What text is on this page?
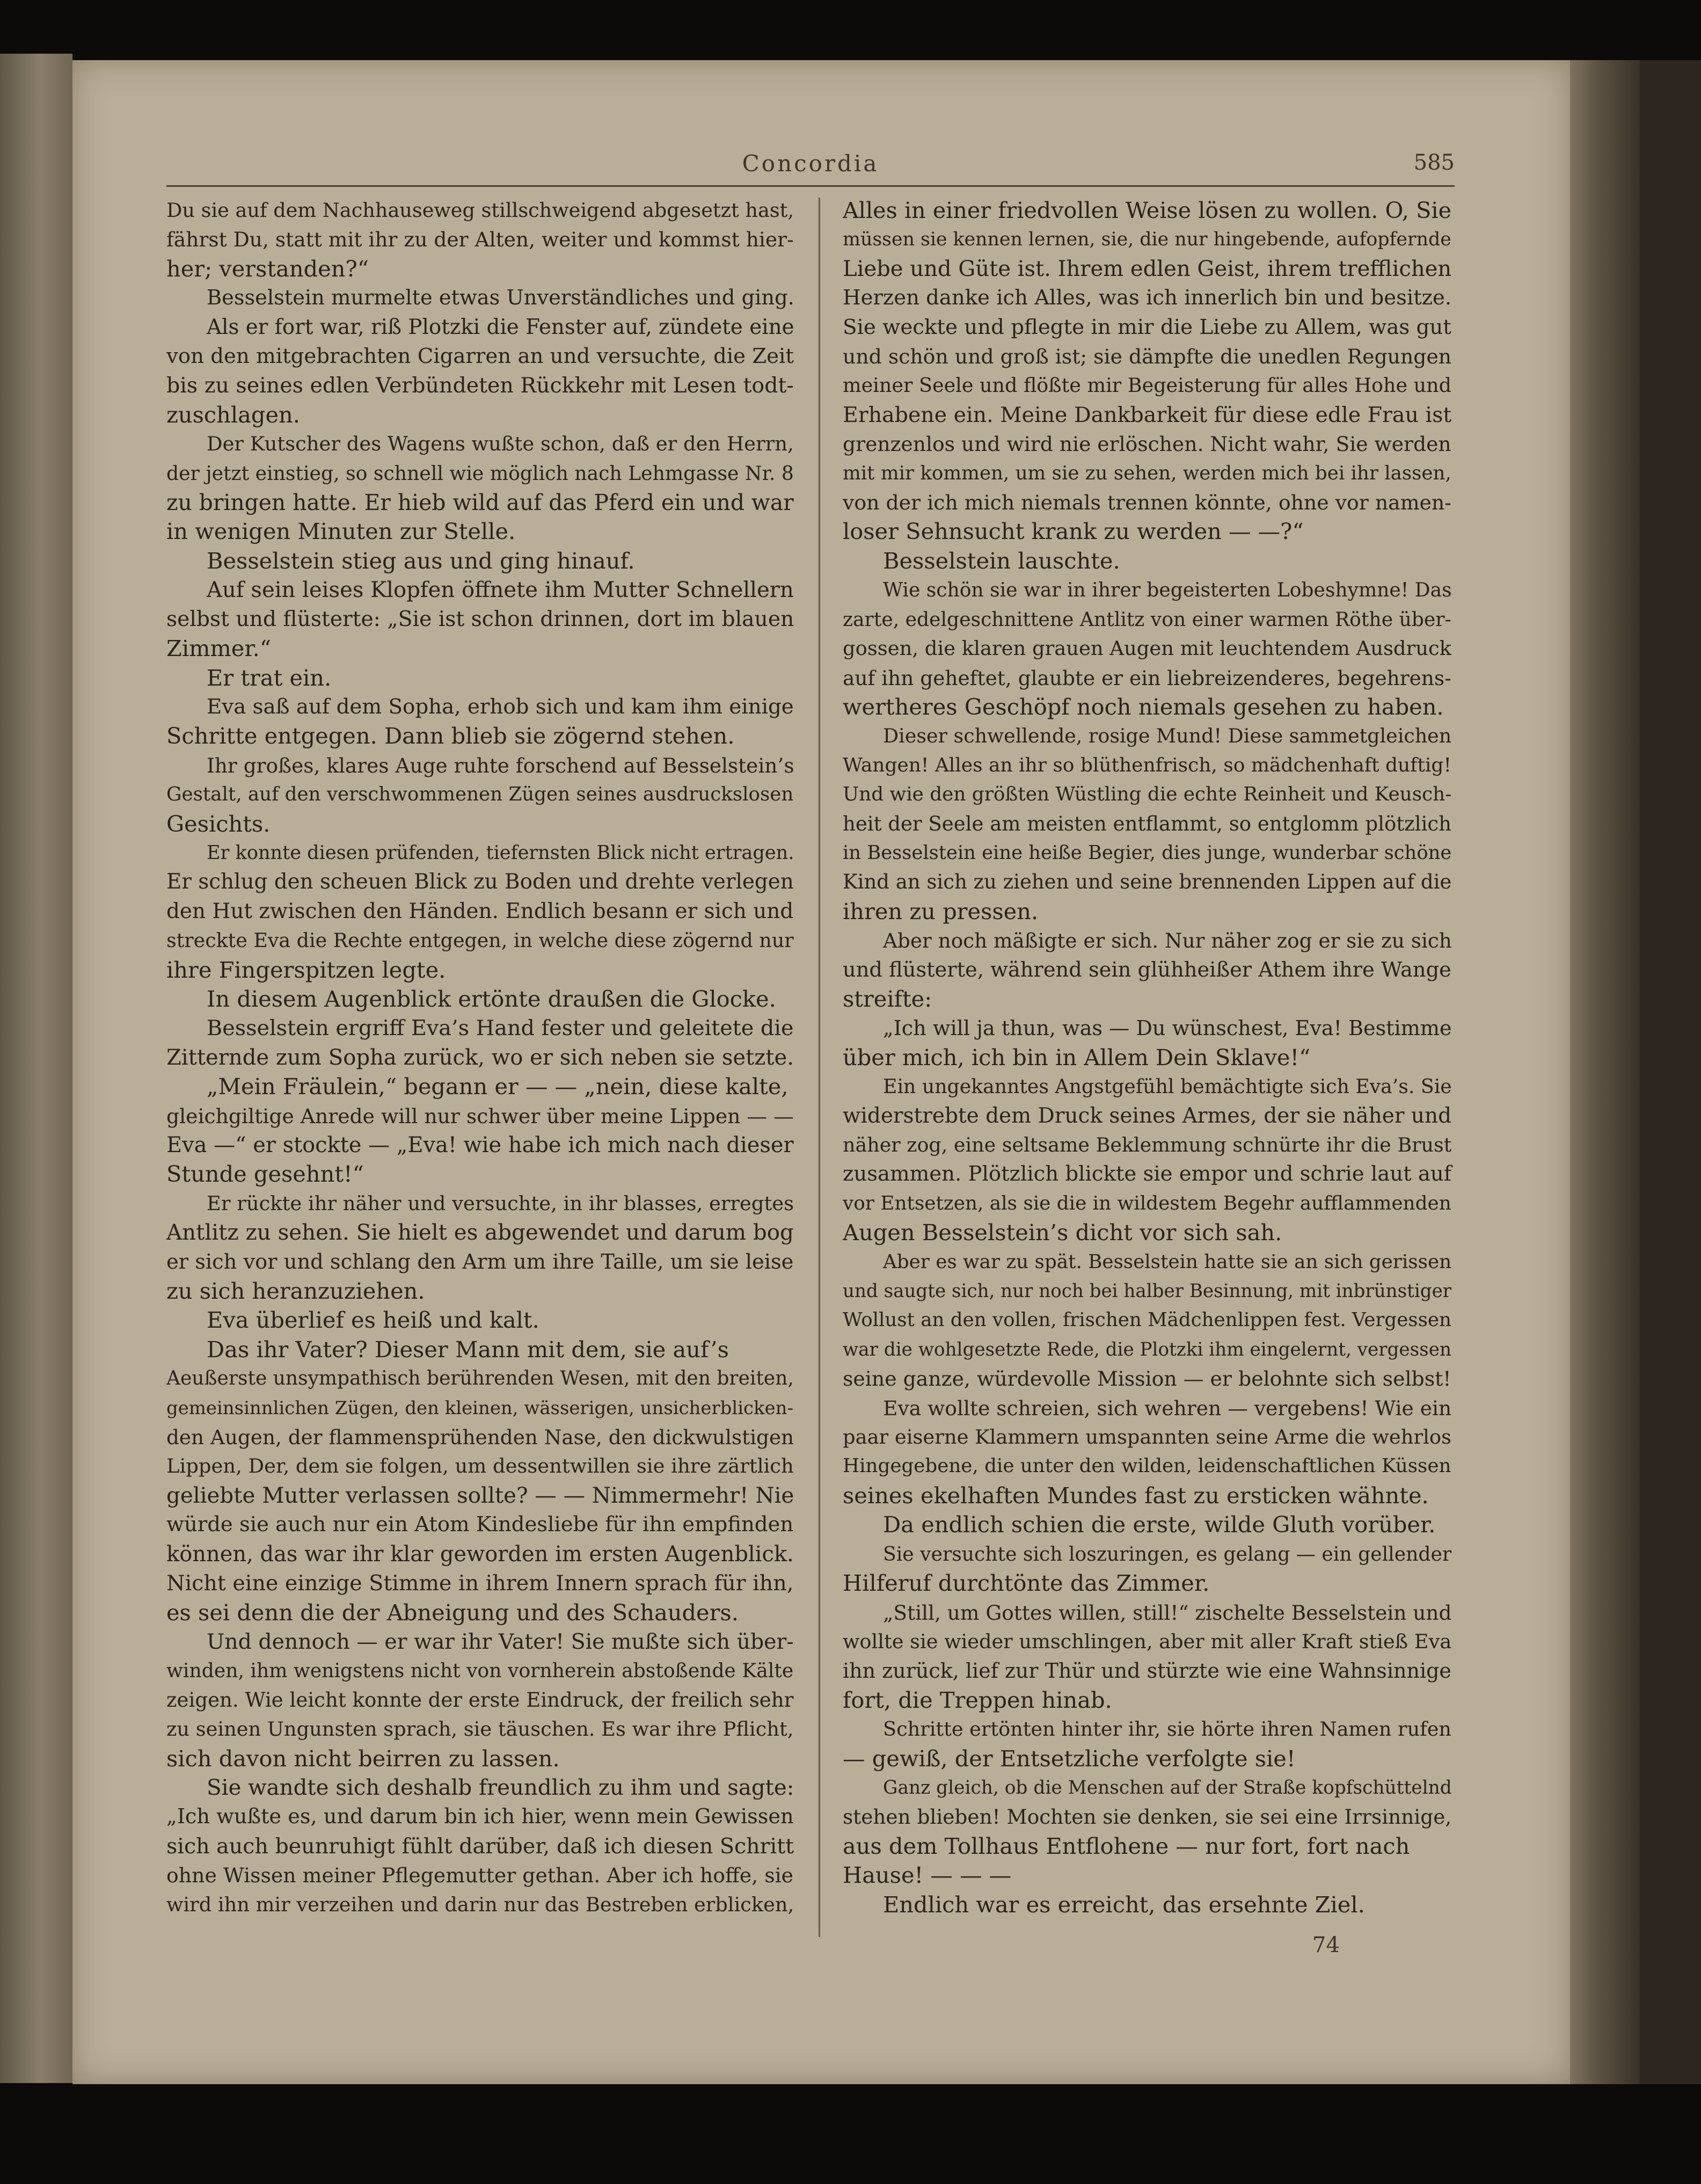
Concordia	585

Du sie auf dem Nachhauseweg stillschweigend abgesetzt hast,

fährst Du, statt mit ihr zu der Alten, weiter und kommst hier-

her; verstanden?“

Besselstein murmelte etwas Unverständliches und ging.

Als er fort war, riß Plotzki die Fenster auf, zündete eine

von den mitgebrachten Cigarren an und versuchte, die Zeit

bis zu seines edlen Verbündeten Rückkehr mit Lesen todt-

zuschlagen.

Der Kutscher des Wagens wußte schon, daß er den Herrn,

der jetzt einstieg, so schnell wie möglich nach Lehmgasse Nr. 8

zu bringen hatte. Er hieb wild auf das Pferd ein und war

in wenigen Minuten zur Stelle.

Besselstein stieg aus und ging hinauf.

Auf sein leises Klopfen öffnete ihm Mutter Schnellern

selbst und flüsterte: „Sie ist schon drinnen, dort im blauen

Zimmer.“

Er trat ein.

Eva saß auf dem Sopha, erhob sich und kam ihm einige

Schritte entgegen. Dann blieb sie zögernd stehen.

Ihr großes, klares Auge ruhte forschend auf Besselstein’s

Gestalt, auf den verschwommenen Zügen seines ausdruckslosen

Gesichts.

Er konnte diesen prüfenden, tiefernsten Blick nicht ertragen.

Er schlug den scheuen Blick zu Boden und drehte verlegen

den Hut zwischen den Händen. Endlich besann er sich und

streckte Eva die Rechte entgegen, in welche diese zögernd nur

ihre Fingerspitzen legte.

In diesem Augenblick ertönte draußen die Glocke.

Besselstein ergriff Eva’s Hand fester und geleitete die

Zitternde zum Sopha zurück, wo er sich neben sie setzte.

„Mein Fräulein,“ begann er — — „nein, diese kalte,

gleichgiltige Anrede will nur schwer über meine Lippen — —

Eva —“ er stockte — „Eva! wie habe ich mich nach dieser

Stunde gesehnt!“

Er rückte ihr näher und versuchte, in ihr blasses, erregtes

Antlitz zu sehen. Sie hielt es abgewendet und darum bog

er sich vor und schlang den Arm um ihre Taille, um sie leise

zu sich heranzuziehen.

Eva überlief es heiß und kalt.

Das ihr Vater? Dieser Mann mit dem, sie auf’s

Aeußerste unsympathisch berührenden Wesen, mit den breiten,

gemeinsinnlichen Zügen, den kleinen, wässerigen, unsicherblicken-

den Augen, der flammensprühenden Nase, den dickwulstigen

Lippen, Der, dem sie folgen, um dessentwillen sie ihre zärtlich

geliebte Mutter verlassen sollte? — — Nimmermehr! Nie

würde sie auch nur ein Atom Kindesliebe für ihn empfinden

können, das war ihr klar geworden im ersten Augenblick.

Nicht eine einzige Stimme in ihrem Innern sprach für ihn,

es sei denn die der Abneigung und des Schauders.

Und dennoch — er war ihr Vater! Sie mußte sich über-

winden, ihm wenigstens nicht von vornherein abstoßende Kälte

zeigen. Wie leicht konnte der erste Eindruck, der freilich sehr

zu seinen Ungunsten sprach, sie täuschen. Es war ihre Pflicht,

sich davon nicht beirren zu lassen.

Sie wandte sich deshalb freundlich zu ihm und sagte:

„Ich wußte es, und darum bin ich hier, wenn mein Gewissen

sich auch beunruhigt fühlt darüber, daß ich diesen Schritt

ohne Wissen meiner Pflegemutter gethan. Aber ich hoffe, sie

wird ihn mir verzeihen und darin nur das Bestreben erblicken,

Alles in einer friedvollen Weise lösen zu wollen. O, Sie

müssen sie kennen lernen, sie, die nur hingebende, aufopfernde

Liebe und Güte ist. Ihrem edlen Geist, ihrem trefflichen

Herzen danke ich Alles, was ich innerlich bin und besitze.

Sie weckte und pflegte in mir die Liebe zu Allem, was gut

und schön und groß ist; sie dämpfte die unedlen Regungen

meiner Seele und flößte mir Begeisterung für alles Hohe und

Erhabene ein. Meine Dankbarkeit für diese edle Frau ist

grenzenlos und wird nie erlöschen. Nicht wahr, Sie werden

mit mir kommen, um sie zu sehen, werden mich bei ihr lassen,

von der ich mich niemals trennen könnte, ohne vor namen-

loser Sehnsucht krank zu werden — —?“

Besselstein lauschte.

Wie schön sie war in ihrer begeisterten Lobeshymne! Das

zarte, edelgeschnittene Antlitz von einer warmen Röthe über-

gossen, die klaren grauen Augen mit leuchtendem Ausdruck

auf ihn geheftet, glaubte er ein liebreizenderes, begehrens-

wertheres Geschöpf noch niemals gesehen zu haben.

Dieser schwellende, rosige Mund! Diese sammetgleichen

Wangen! Alles an ihr so blüthenfrisch, so mädchenhaft duftig!

Und wie den größten Wüstling die echte Reinheit und Keusch-

heit der Seele am meisten entflammt, so entglomm plötzlich

in Besselstein eine heiße Begier, dies junge, wunderbar schöne

Kind an sich zu ziehen und seine brennenden Lippen auf die

ihren zu pressen.

Aber noch mäßigte er sich. Nur näher zog er sie zu sich

und flüsterte, während sein glühheißer Athem ihre Wange

streifte:

„Ich will ja thun, was — Du wünschest, Eva! Bestimme

über mich, ich bin in Allem Dein Sklave!“

Ein ungekanntes Angstgefühl bemächtigte sich Eva’s. Sie

widerstrebte dem Druck seines Armes, der sie näher und

näher zog, eine seltsame Beklemmung schnürte ihr die Brust

zusammen. Plötzlich blickte sie empor und schrie laut auf

vor Entsetzen, als sie die in wildestem Begehr aufflammenden

Augen Besselstein’s dicht vor sich sah.

Aber es war zu spät. Besselstein hatte sie an sich gerissen

und saugte sich, nur noch bei halber Besinnung, mit inbrünstiger

Wollust an den vollen, frischen Mädchenlippen fest. Vergessen

war die wohlgesetzte Rede, die Plotzki ihm eingelernt, vergessen

seine ganze, würdevolle Mission — er belohnte sich selbst!

Eva wollte schreien, sich wehren — vergebens! Wie ein

paar eiserne Klammern umspannten seine Arme die wehrlos

Hingegebene, die unter den wilden, leidenschaftlichen Küssen

seines ekelhaften Mundes fast zu ersticken wähnte.

Da endlich schien die erste, wilde Gluth vorüber.

Sie versuchte sich loszuringen, es gelang — ein gellender

Hilferuf durchtönte das Zimmer.

„Still, um Gottes willen, still!“ zischelte Besselstein und

wollte sie wieder umschlingen, aber mit aller Kraft stieß Eva

ihn zurück, lief zur Thür und stürzte wie eine Wahnsinnige

fort, die Treppen hinab.

Schritte ertönten hinter ihr, sie hörte ihren Namen rufen

— gewiß, der Entsetzliche verfolgte sie!

Ganz gleich, ob die Menschen auf der Straße kopfschüttelnd

stehen blieben! Mochten sie denken, sie sei eine Irrsinnige,

aus dem Tollhaus Entflohene — nur fort, fort nach

Hause! — — —

Endlich war es erreicht, das ersehnte Ziel.

74
